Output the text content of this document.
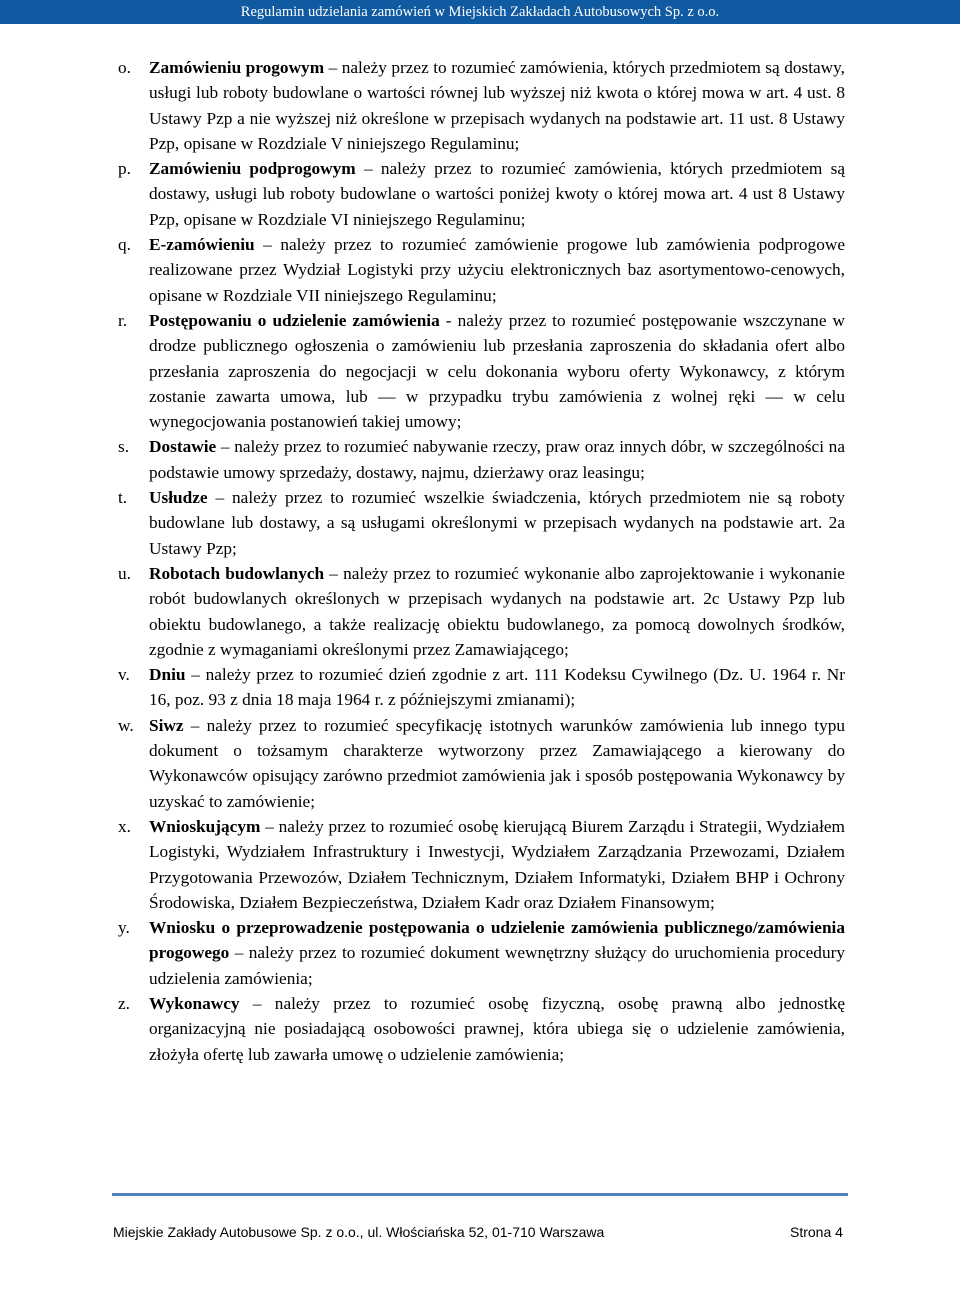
Regulamin udzielania zamówień w Miejskich Zakładach Autobusowych Sp. z o.o.
o.	Zamówieniu progowym – należy przez to rozumieć zamówienia, których przedmiotem są dostawy, usługi lub roboty budowlane o wartości równej lub wyższej niż kwota o której mowa w art. 4 ust. 8 Ustawy Pzp a nie wyższej niż określone w przepisach wydanych na podstawie art. 11 ust. 8 Ustawy Pzp, opisane w Rozdziale V niniejszego Regulaminu;
p.	Zamówieniu podprogowym – należy przez to rozumieć zamówienia, których przedmiotem są dostawy, usługi lub roboty budowlane o wartości poniżej kwoty o której mowa art. 4 ust 8 Ustawy Pzp, opisane w Rozdziale VI niniejszego Regulaminu;
q.	E-zamówieniu – należy przez to rozumieć zamówienie progowe lub zamówienia podprogowe realizowane przez Wydział Logistyki przy użyciu elektronicznych baz asortymentowo-cenowych, opisane w Rozdziale VII niniejszego Regulaminu;
r.	Postępowaniu o udzielenie zamówienia - należy przez to rozumieć postępowanie wszczynane w drodze publicznego ogłoszenia o zamówieniu lub przesłania zaproszenia do składania ofert albo przesłania zaproszenia do negocjacji w celu dokonania wyboru oferty Wykonawcy, z którym zostanie zawarta umowa, lub — w przypadku trybu zamówienia z wolnej ręki — w celu wynegocjowania postanowień takiej umowy;
s.	Dostawie – należy przez to rozumieć nabywanie rzeczy, praw oraz innych dóbr, w szczególności na podstawie umowy sprzedaży, dostawy, najmu, dzierżawy oraz leasingu;
t.	Usłudze – należy przez to rozumieć wszelkie świadczenia, których przedmiotem nie są roboty budowlane lub dostawy, a są usługami określonymi w przepisach wydanych na podstawie art. 2a Ustawy Pzp;
u.	Robotach budowlanych – należy przez to rozumieć wykonanie albo zaprojektowanie i wykonanie robót budowlanych określonych w przepisach wydanych na podstawie art. 2c Ustawy Pzp lub obiektu budowlanego, a także realizację obiektu budowlanego, za pomocą dowolnych środków, zgodnie z wymaganiami określonymi przez Zamawiającego;
v.	Dniu – należy przez to rozumieć dzień zgodnie z art. 111 Kodeksu Cywilnego (Dz. U. 1964 r. Nr 16, poz. 93 z dnia 18 maja 1964 r. z późniejszymi zmianami);
w. Siwz – należy przez to rozumieć specyfikację istotnych warunków zamówienia lub innego typu dokument o tożsamym charakterze wytworzony przez Zamawiającego a kierowany do Wykonawców opisujący zarówno przedmiot zamówienia jak i sposób postępowania Wykonawcy by uzyskać to zamówienie;
x.	Wnioskującym – należy przez to rozumieć osobę kierującą Biurem Zarządu i Strategii, Wydziałem Logistyki, Wydziałem Infrastruktury i Inwestycji, Wydziałem Zarządzania Przewozami, Działem Przygotowania Przewozów, Działem Technicznym, Działem Informatyki, Działem BHP i Ochrony Środowiska, Działem Bezpieczeństwa, Działem Kadr oraz Działem Finansowym;
y.	Wniosku o przeprowadzenie postępowania o udzielenie zamówienia publicznego/zamówienia progowego – należy przez to rozumieć dokument wewnętrzny służący do uruchomienia procedury udzielenia zamówienia;
z.	Wykonawcy – należy przez to rozumieć osobę fizyczną, osobę prawną albo jednostkę organizacyjną nie posiadającą osobowości prawnej, która ubiega się o udzielenie zamówienia, złożyła ofertę lub zawarła umowę o udzielenie zamówienia;
Miejskie Zakłady Autobusowe Sp. z o.o., ul. Włościańska 52, 01-710 Warszawa	Strona 4
